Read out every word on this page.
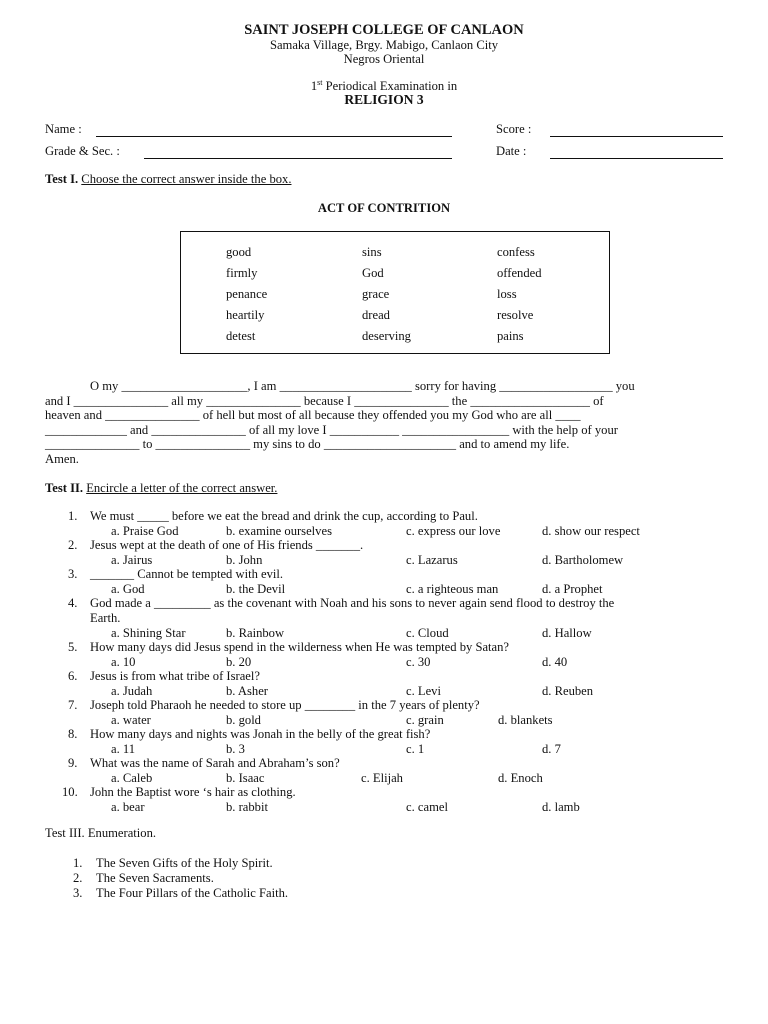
SAINT JOSEPH COLLEGE OF CANLAON
Samaka Village, Brgy. Mabigo, Canlaon City
Negros Oriental
1st Periodical Examination in
RELIGION 3
Name :
Grade & Sec. :
Score :
Date :
Test I. Choose the correct answer inside the box.
ACT OF CONTRITION
good	sins	confess
firmly	God	offended
penance	grace	loss
heartily	dread	resolve
detest	deserving	pains
O my ____________________, I am _____________________ sorry for having __________________ you
and I _______________ all my _______________ because I _______________ the ___________________ of
heaven and _______________ of hell but most of all because they offended you my God who are all ____
_____________ and _______________ of all my love I ___________ _________________ with the help of your
_______________ to _______________ my sins to do _____________________ and to amend my life.
Amen.
Test II. Encircle a letter of the correct answer.
1. We must _____ before we eat the bread and drink the cup, according to Paul.
a. Praise God	b. examine ourselves	c. express our love	d. show our respect
2. Jesus wept at the death of one of His friends _______.
a. Jairus	b. John	c. Lazarus	d. Bartholomew
3. _______ Cannot be tempted with evil.
a. God	b. the Devil	c. a righteous man	d. a Prophet
4. God made a _________ as the covenant with Noah and his sons to never again send flood to destroy the
Earth.
a. Shining Star	b. Rainbow	c. Cloud	d. Hallow
5. How many days did Jesus spend in the wilderness when He was tempted by Satan?
a. 10	b. 20	c. 30	d. 40
6. Jesus is from what tribe of Israel?
a. Judah	b. Asher	c. Levi	d. Reuben
7. Joseph told Pharaoh he needed to store up ________ in the 7 years of plenty?
a. water	b. gold	c. grain	d. blankets
8. How many days and nights was Jonah in the belly of the great fish?
a. 11	b. 3	c. 1	d. 7
9. What was the name of Sarah and Abraham’s son?
a. Caleb	b. Isaac	c. Elijah	d. Enoch
10. John the Baptist wore ‘s hair as clothing.
a. bear	b. rabbit	c. camel	d. lamb
Test III. Enumeration.
1. The Seven Gifts of the Holy Spirit.
2. The Seven Sacraments.
3. The Four Pillars of the Catholic Faith.
